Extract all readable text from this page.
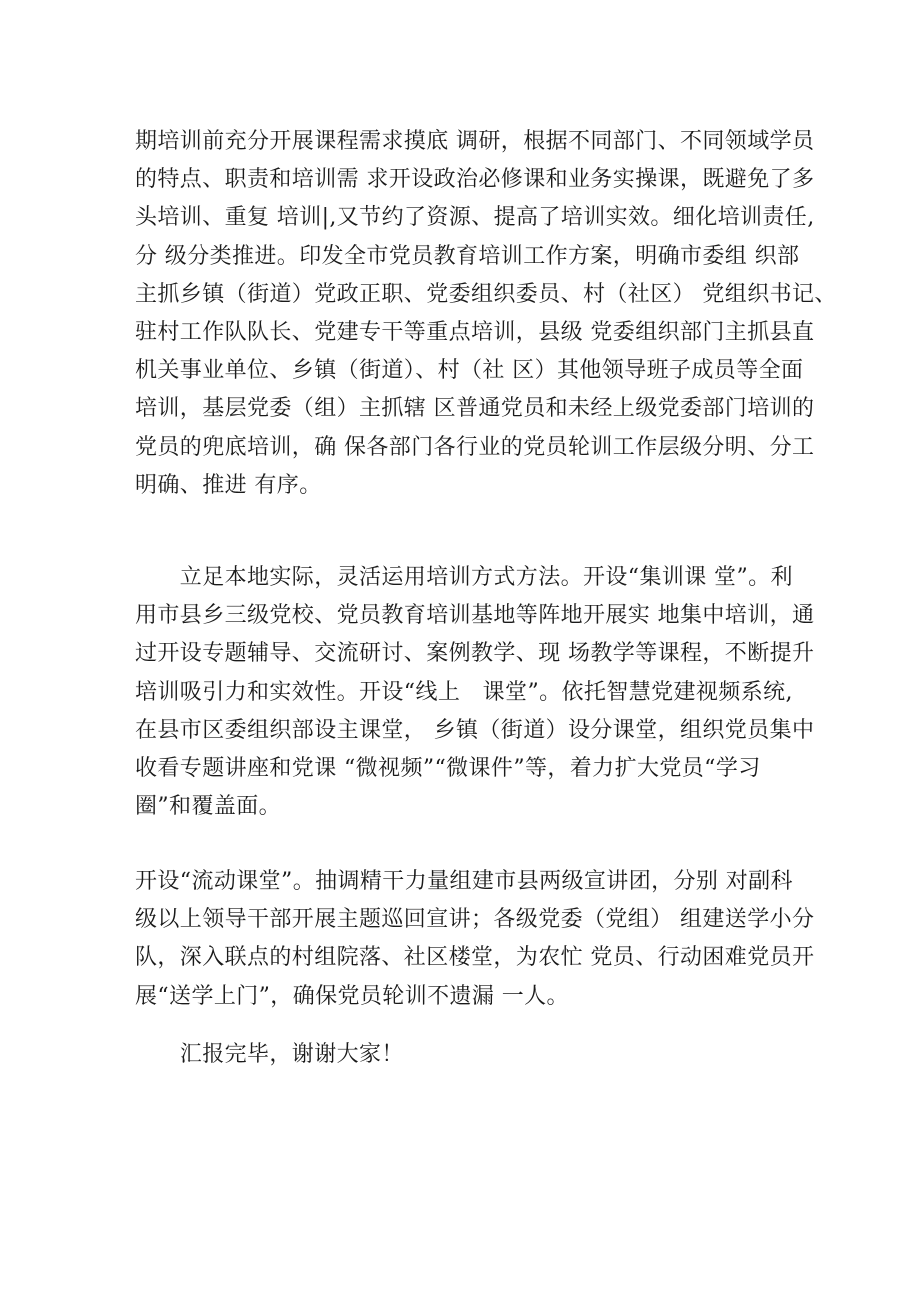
期培训前充分开展课程需求摸底 调研，根据不同部门、不同领域学员
的特点、职责和培训需 求开设政治必修课和业务实操课，既避免了多
头培训、重复 培训|,又节约了资源、提高了培训实效。细化培训责任,
分 级分类推进。印发全市党员教育培训工作方案，明确市委组 织部
主抓乡镇（街道）党政正职、党委组织委员、村（社区） 党组织书记、
驻村工作队队长、党建专干等重点培训，县级 党委组织部门主抓县直
机关事业单位、乡镇（街道）、村（社 区）其他领导班子成员等全面
培训，基层党委（组）主抓辖 区普通党员和未经上级党委部门培训的
党员的兜底培训，确 保各部门各行业的党员轮训工作层级分明、分工
明确、推进 有序。

　　立足本地实际，灵活运用培训方式方法。开设“集训课 堂”。利
用市县乡三级党校、党员教育培训基地等阵地开展实 地集中培训，通
过开设专题辅导、交流研讨、案例教学、现 场教学等课程，不断提升
培训吸引力和实效性。开设“线上　课堂”。依托智慧党建视频系统,
在县市区委组织部设主课堂， 乡镇（街道）设分课堂，组织党员集中
收看专题讲座和党课 “微视频”“微课件”等，着力扩大党员“学习
圈”和覆盖面。

开设“流动课堂”。抽调精干力量组建市县两级宣讲团，分别 对副科
级以上领导干部开展主题巡回宣讲；各级党委（党组） 组建送学小分
队，深入联点的村组院落、社区楼堂，为农忙 党员、行动困难党员开
展“送学上门”，确保党员轮训不遗漏 一人。

　　汇报完毕，谢谢大家！
